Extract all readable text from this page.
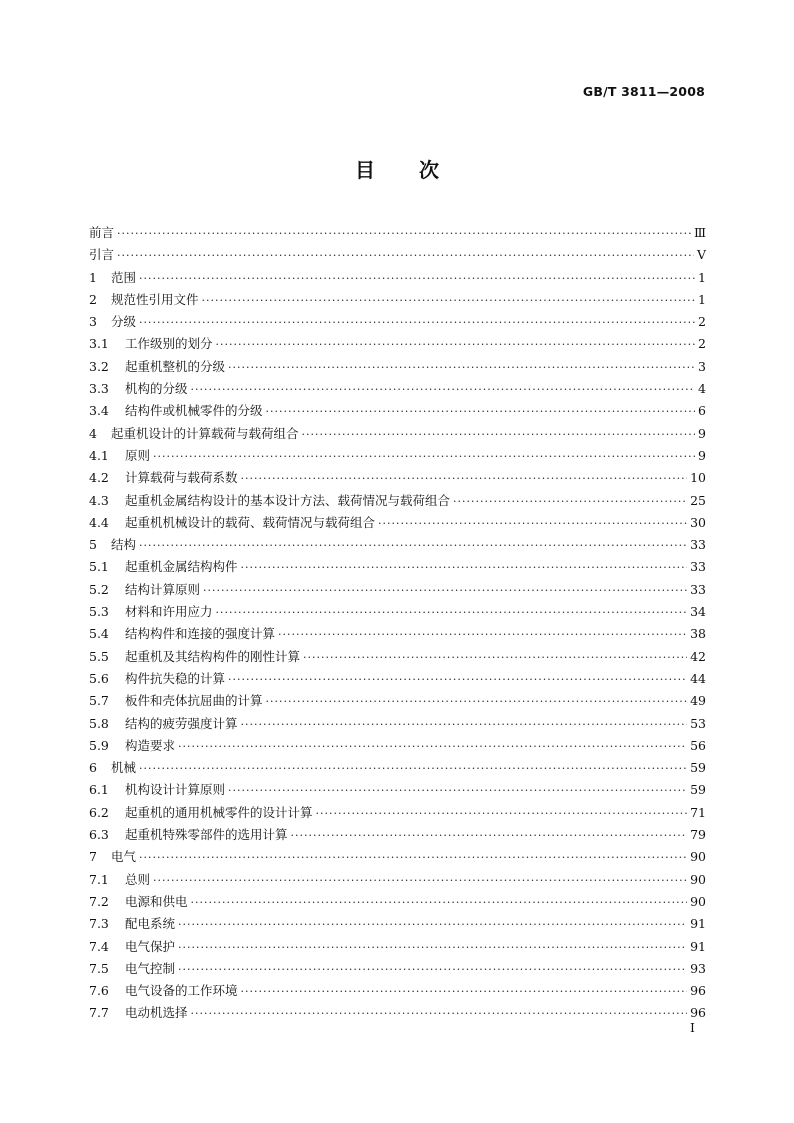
GB/T 3811—2008
目 次
前言 ·····	Ⅲ
引言 ·····	Ⅴ
1	范围 ·····	1
2	规范性引用文件 ·····	1
3	分级 ·····	2
3.1	工作级别的划分 ·····	2
3.2	起重机整机的分级 ·····	3
3.3	机构的分级 ·····	4
3.4	结构件或机械零件的分级 ·····	6
4	起重机设计的计算载荷与载荷组合 ·····	9
4.1	原则 ·····	9
4.2	计算载荷与载荷系数 ·····	10
4.3	起重机金属结构设计的基本设计方法、载荷情况与载荷组合 ·····	25
4.4	起重机机械设计的载荷、载荷情况与载荷组合 ·····	30
5	结构 ·····	33
5.1	起重机金属结构构件 ·····	33
5.2	结构计算原则 ·····	33
5.3	材料和许用应力 ·····	34
5.4	结构构件和连接的强度计算 ·····	38
5.5	起重机及其结构构件的刚性计算 ·····	42
5.6	构件抗失稳的计算 ·····	44
5.7	板件和壳体抗屈曲的计算 ·····	49
5.8	结构的疲劳强度计算 ·····	53
5.9	构造要求 ·····	56
6	机械 ·····	59
6.1	机构设计计算原则 ·····	59
6.2	起重机的通用机械零件的设计计算 ·····	71
6.3	起重机特殊零部件的选用计算 ·····	79
7	电气 ·····	90
7.1	总则 ·····	90
7.2	电源和供电 ·····	90
7.3	配电系统 ·····	91
7.4	电气保护 ·····	91
7.5	电气控制 ·····	93
7.6	电气设备的工作环境 ·····	96
7.7	电动机选择 ·····	96
Ⅰ
